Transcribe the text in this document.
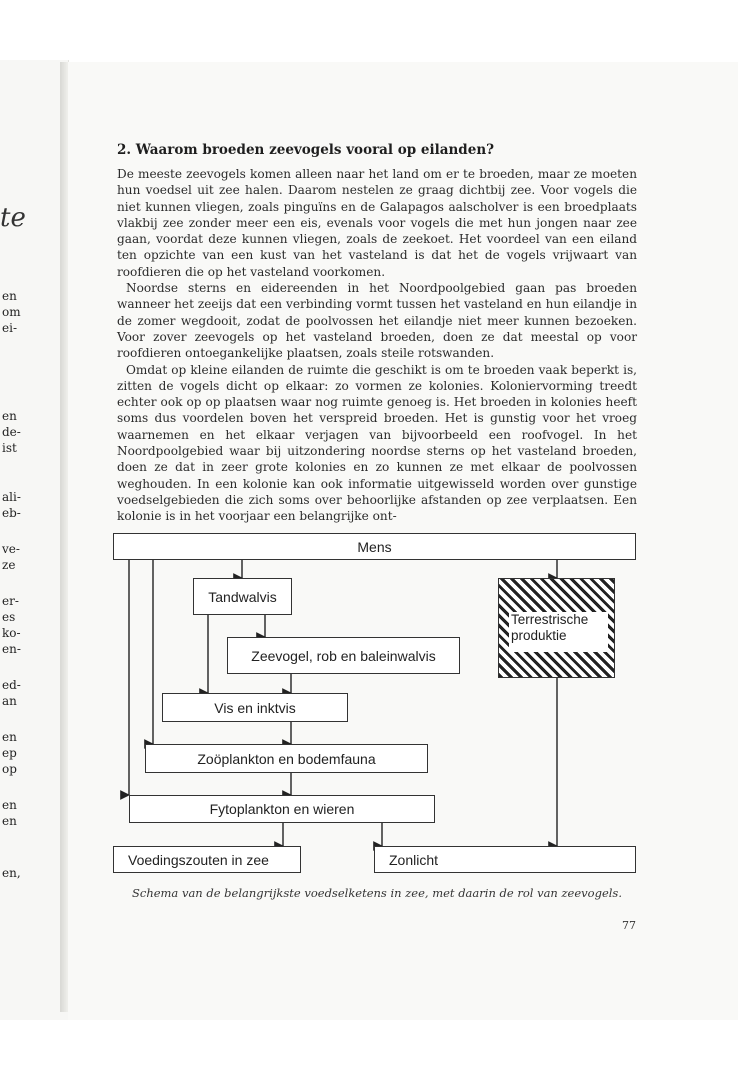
te
en
om
ei-
en
de-
ist
ali-
eb-
ve-
ze
er-
es
ko-
en-
ed-
an
en
ep
op
en
en
en,
2. Waarom broeden zeevogels vooral op eilanden?

De meeste zeevogels komen alleen naar het land om er te broeden, maar ze moeten hun voedsel uit zee halen. Daarom nestelen ze graag dichtbij zee. Voor vogels die niet kunnen vliegen, zoals pinguïns en de Galapagos aalscholver is een broedplaats vlakbij zee zonder meer een eis, evenals voor vogels die met hun jongen naar zee gaan, voordat deze kunnen vliegen, zoals de zeekoet. Het voordeel van een eiland ten opzichte van een kust van het vasteland is dat het de vogels vrijwaart van roofdieren die op het vasteland voorkomen.

Noordse sterns en eidereenden in het Noordpoolgebied gaan pas broeden wanneer het zeeijs dat een verbinding vormt tussen het vasteland en hun eilandje in de zomer wegdooit, zodat de poolvossen het eilandje niet meer kunnen bezoeken. Voor zover zeevogels op het vasteland broeden, doen ze dat meestal op voor roofdieren ontoegankelijke plaatsen, zoals steile rotswanden.

Omdat op kleine eilanden de ruimte die geschikt is om te broeden vaak beperkt is, zitten de vogels dicht op elkaar: zo vormen ze kolonies. Koloniervorming treedt echter ook op op plaatsen waar nog ruimte genoeg is. Het broeden in kolonies heeft soms dus voordelen boven het verspreid broeden. Het is gunstig voor het vroeg waarnemen en het elkaar verjagen van bijvoorbeeld een roofvogel. In het Noordpoolgebied waar bij uitzondering noordse sterns op het vasteland broeden, doen ze dat in zeer grote kolonies en zo kunnen ze met elkaar de poolvossen weghouden. In een kolonie kan ook informatie uitgewisseld worden over gunstige voedselgebieden die zich soms over behoorlijke afstanden op zee verplaatsen. Een kolonie is in het voorjaar een belangrijke ont-

Mens
Tandwalvis
Zeevogel, rob en baleinwalvis
Vis en inktvis
Zoöplankton en bodemfauna
Fytoplankton en wieren
Voedingszouten in zee	Zonlicht
Terrestrische
produktie
Schema van de belangrijkste voedselketens in zee, met daarin de rol van zeevogels.
77
